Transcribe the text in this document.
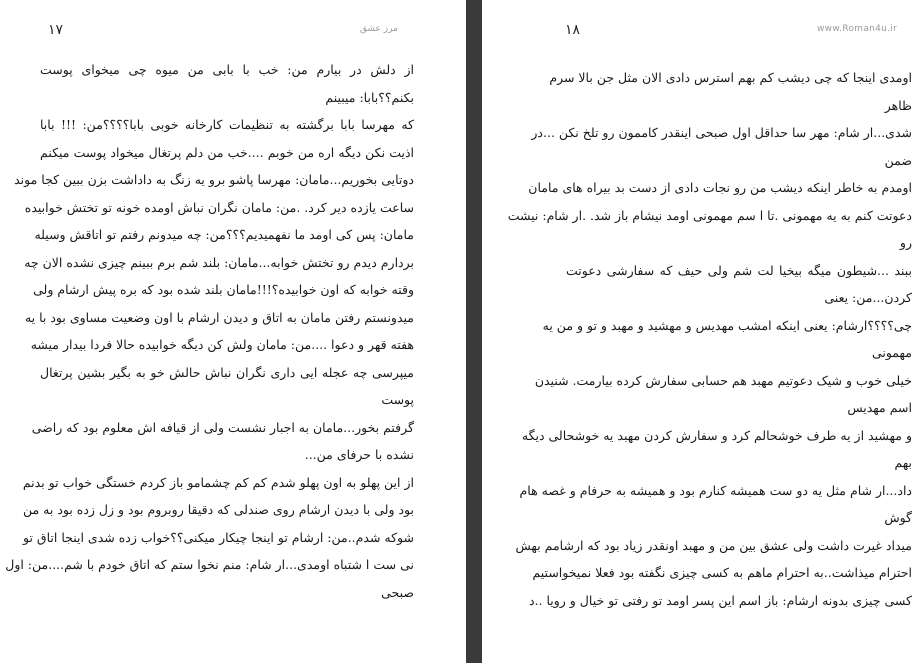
۱۷	مرز عشق
از دلش در بیارم من: خب با بابی من میوه چی میخوای پوست
بکنم؟؟بابا: میبینم
که مهرسا بابا برگشته به تنظیمات کارخانه خوبی بابا؟؟؟؟من: !!! بابا
اذیت نکن دیگه اره من خوبم ....خب من دلم پرتغال میخواد پوست میکنم
دوتایی بخوریم...مامان: مهرسا پاشو برو یه زنگ به داداشت بزن ببین کجا موند
ساعت یازده دیر کرد. .من: مامان نگران نباش اومده خونه تو تختش خوابیده
مامان: پس کی اومد ما نفهمیدیم؟؟؟من: چه میدونم رفتم تو اتاقش وسیله
بردارم دیدم رو تختش خوابه...مامان: بلند شم برم ببینم چیزی نشده الان چه
وقته خوابه که اون خوابیده؟!!!مامان بلند شده بود که بره پیش ارشام ولی
میدونستم رفتن مامان به اتاق و دیدن ارشام با اون وضعیت مساوی بود با یه
هفته قهر و دعوا ....من: مامان ولش کن دیگه خوابیده حالا فردا بیدار میشه
میپرسی چه عجله ایی داری نگران نباش حالش خو به بگیر بشین پرتغال
پوست
گرفتم بخور...مامان به اجبار نشست ولی از قیافه اش معلوم بود که راضی
نشده با حرفای من...
از این پهلو به اون پهلو شدم کم کم چشمامو باز کردم خستگی خواب تو بدنم
بود ولی با دیدن ارشام روی صندلی که دقیقا روبروم بود و زل زده بود به من
شوکه شدم..من: ارشام تو اینجا چیکار میکنی؟؟خواب زده شدی اینجا اتاق تو
نی ست ا شتباه اومدی...ار شام: منم نخوا ستم که اتاق خودم با شم....من: اول
صبحی
۱۸	www.Roman4u.ir
اومدی اینجا که چی دیشب کم بهم استرس دادی الان مثل جن بالا سرم
ظاهر
شدی...ار شام: مهر سا حداقل اول صبحی اینقدر کاممون رو تلخ نکن ...در
ضمن
اومدم به خاطر اینکه دیشب من رو نجات دادی از دست بد بیراه های مامان
دعوتت کنم به یه مهمونی .تا ا سم مهمونی اومد نیشام باز شد. .ار شام: نیشت
رو
ببند ...شیطون میگه بیخیا لت شم ولی حیف که سفارشی دعوتت
کردن...من: یعنی
چی؟؟؟؟ارشام: یعنی اینکه امشب مهدیس و مهشید و مهبد و تو و من یه
مهمونی
خیلی خوب و شیک دعوتیم مهبد هم حسابی سفارش کرده بیارمت. شنیدن
اسم مهدیس
و مهشید از یه طرف خوشحالم کرد و سفارش کردن مهبد یه خوشحالی دیگه
بهم
داد...ار شام مثل یه دو ست همیشه کنارم بود و همیشه به حرفام و غصه هام
گوش
میداد غیرت داشت ولی عشق بین من و مهبد اونقدر زیاد بود که ارشامم بهش
احترام میذاشت..به احترام ماهم به کسی چیزی نگفته بود فعلا نمیخواستیم
کسی چیزی بدونه ارشام: باز اسم این پسر اومد تو رفتی تو خیال و رویا ..د
